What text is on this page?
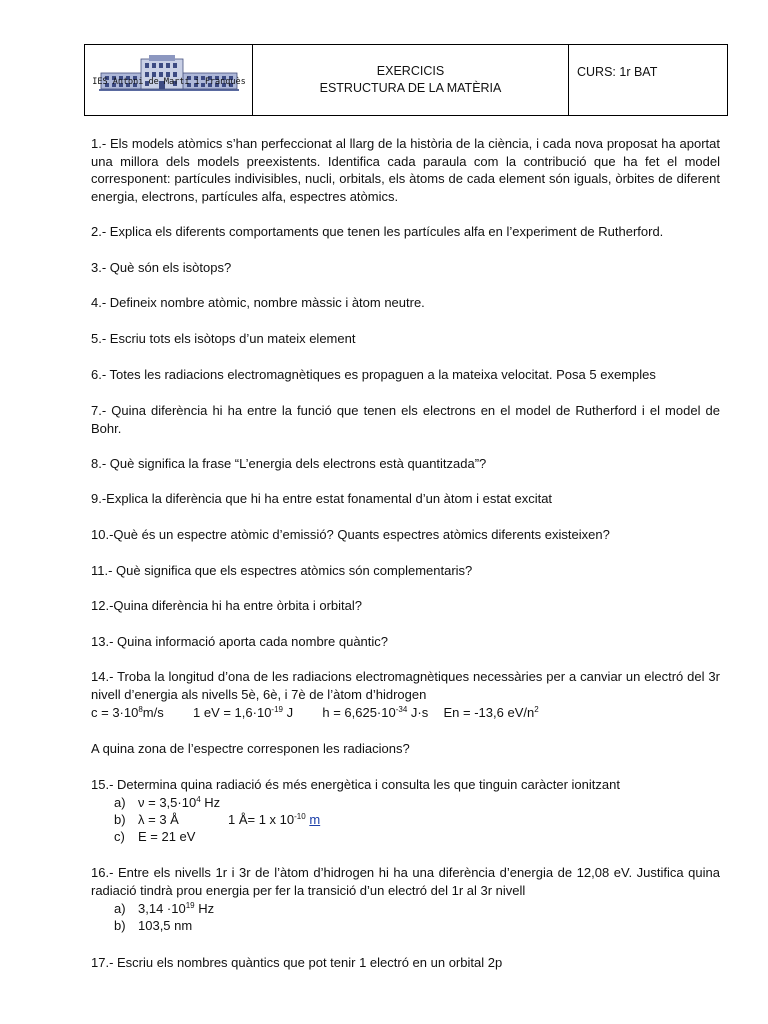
IES Antoni de Martí i Franquès
EXERCICIS
ESTRUCTURA DE LA MATÈRIA
CURS: 1r BAT

1.- Els models atòmics s’han perfeccionat al llarg de la història de la ciència, i cada nova proposat ha aportat una millora dels models preexistents. Identifica cada paraula com la contribució que ha fet el model corresponent: partícules indivisibles, nucli, orbitals, els àtoms de cada element són iguals, òrbites de diferent energia, electrons, partícules alfa, espectres atòmics.

2.- Explica els diferents comportaments que tenen les partícules alfa en l’experiment de Rutherford.

3.- Què són els isòtops?

4.- Defineix nombre atòmic, nombre màssic i àtom neutre.

5.- Escriu tots els isòtops d’un mateix element

6.- Totes les radiacions electromagnètiques es propaguen a la mateixa velocitat. Posa 5 exemples

7.- Quina diferència hi ha entre la funció que tenen els electrons en el model de Rutherford i el model de Bohr.

8.- Què significa la frase “L’energia dels electrons està quantitzada”?

9.-Explica la diferència que hi ha entre estat fonamental d’un àtom i estat excitat

10.-Què és un espectre atòmic d’emissió? Quants espectres atòmics diferents existeixen?

11.- Què significa que els espectres atòmics són complementaris?

12.-Quina diferència hi ha entre òrbita i orbital?

13.- Quina informació aporta cada nombre quàntic?

14.- Troba la longitud d’ona de les radiacions electromagnètiques necessàries per a canviar un electró del 3r nivell d’energia als nivells 5è, 6è, i 7è de l’àtom d’hidrogen

$c = 3\cdot 10^8m/s$ 1 eV = $1,6\cdot 10^{-19}$ J $h = 6,625\cdot 10^{-34}$ J·s En = -13,6 $eV/n^2$

A quina zona de l’espectre corresponen les radiacions?

15.- Determina quina radiació és més energètica i consulta les que tinguin caràcter ionitzant

a) $\nu = 3,5\cdot 10^4$ Hz
b) λ = 3 Å	1 Å= 1 x $10^{-10}$ m
c) E = 21 eV

16.- Entre els nivells 1r i 3r de l’àtom d’hidrogen hi ha una diferència d’energia de 12,08 eV. Justifica quina radiació tindrà prou energia per fer la transició d’un electró del 1r al 3r nivell

a) $3,14 \cdot 10^{19}$ Hz
b) 103,5 nm

17.- Escriu els nombres quàntics que pot tenir 1 electró en un orbital 2p
